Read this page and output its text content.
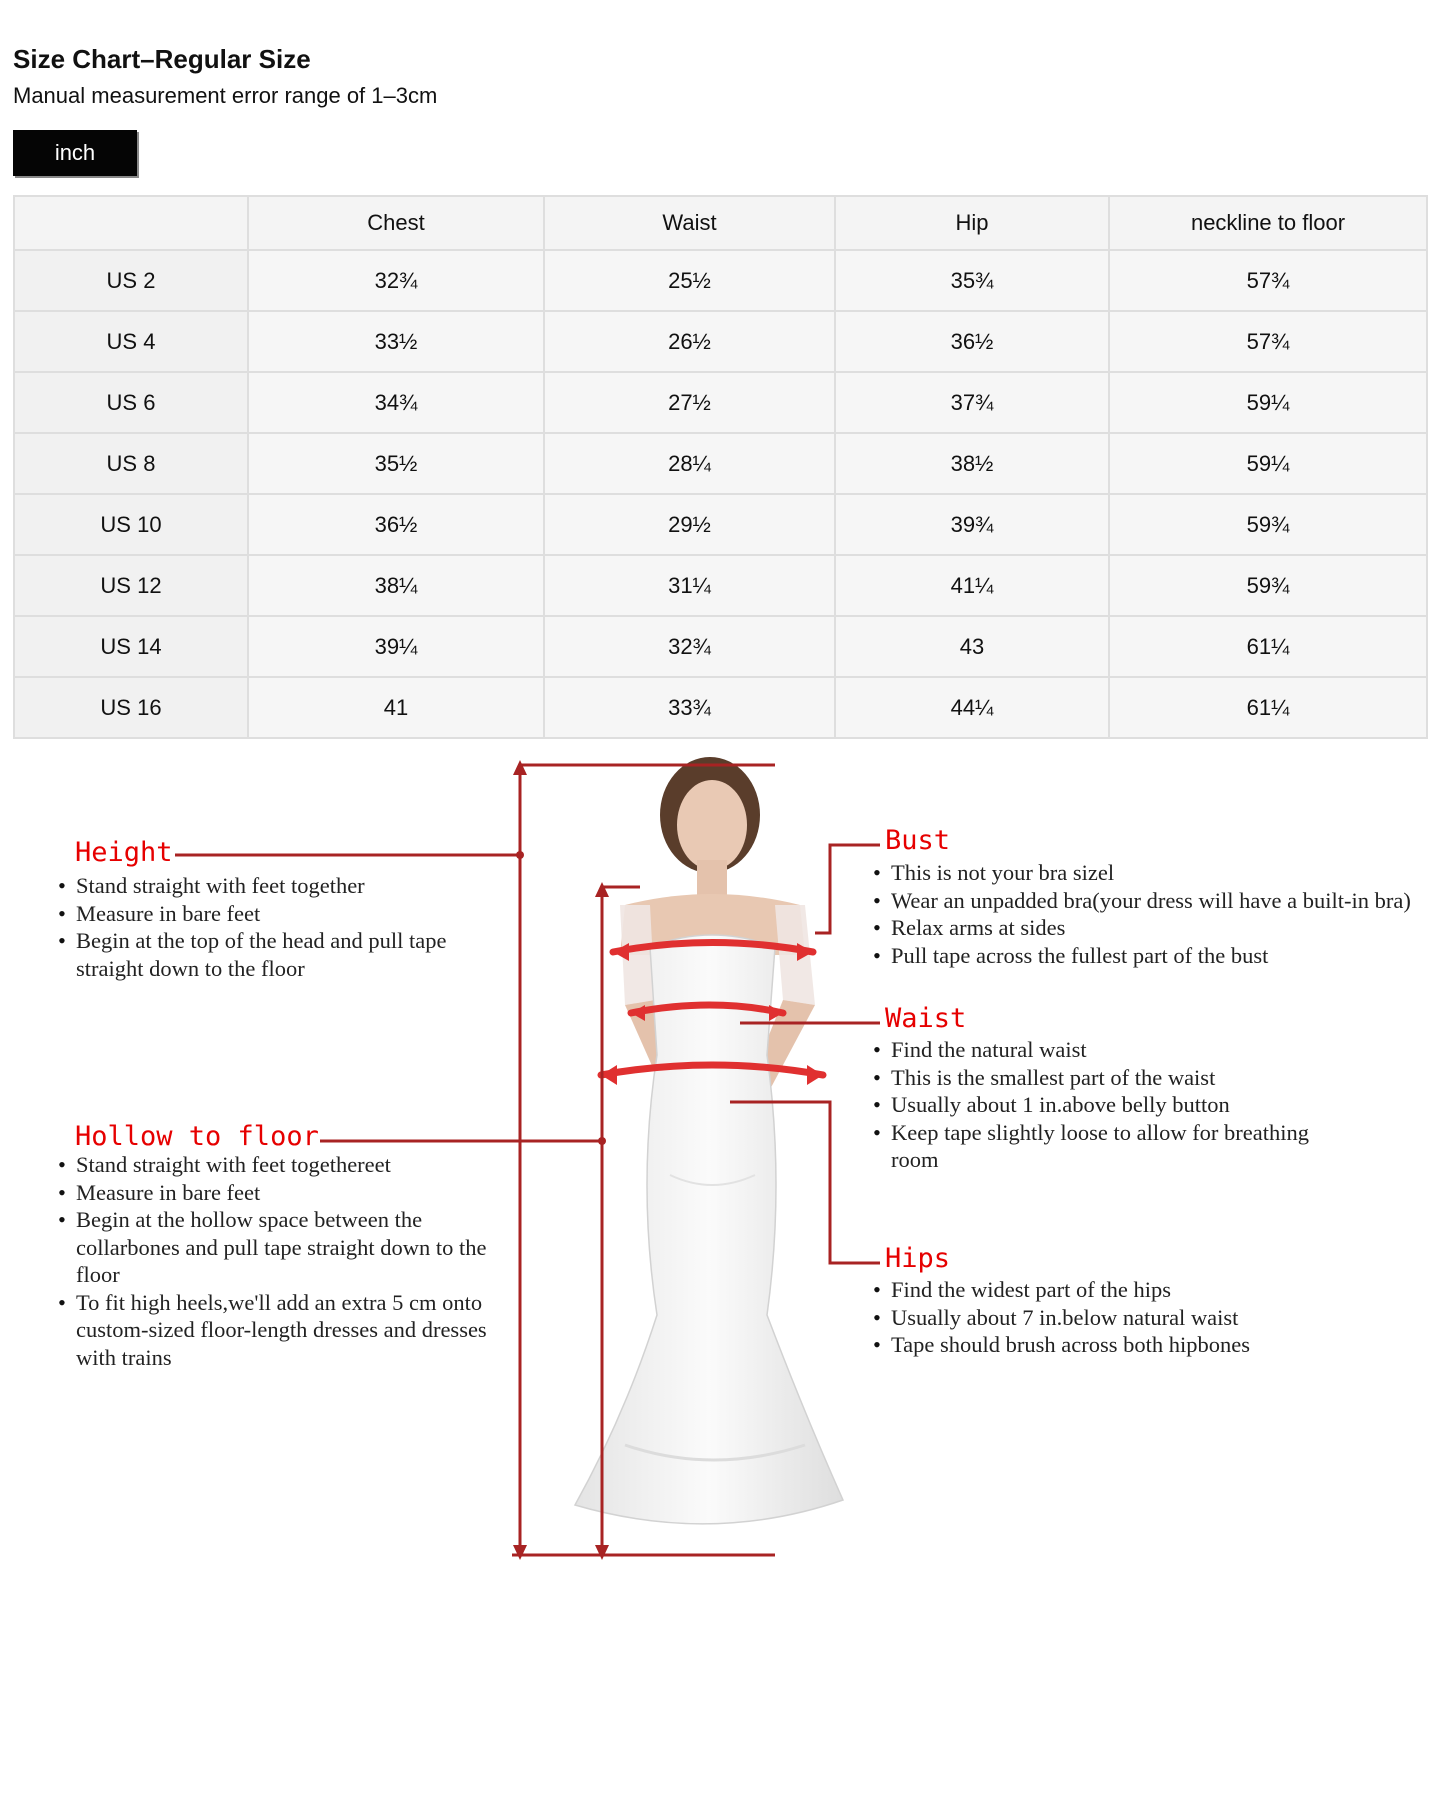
Size Chart–Regular Size
Manual measurement error range of 1–3cm
inch
	Chest	Waist	Hip	neckline to floor
US 2	32¾	25½	35¾	57¾
US 4	33½	26½	36½	57¾
US 6	34¾	27½	37¾	59¼
US 8	35½	28¼	38½	59¼
US 10	36½	29½	39¾	59¾
US 12	38¼	31¼	41¼	59¾
US 14	39¼	32¾	43	61¼
US 16	41	33¾	44¼	61¼
Height
• Stand straight with feet together
• Measure in bare feet
• Begin at the top of the head and pull tape straight down to the floor
Hollow to floor
• Stand straight with feet togethereet
• Measure in bare feet
• Begin at the hollow space between the collarbones and pull tape straight down to the floor
• To fit high heels,we'll add an extra 5 cm onto custom-sized floor-length dresses and dresses with trains
Bust
• This is not your bra sizel
• Wear an unpadded bra(your dress will have a built-in bra)
• Relax arms at sides
• Pull tape across the fullest part of the bust
Waist
• Find the natural waist
• This is the smallest part of the waist
• Usually about 1 in.above belly button
• Keep tape slightly loose to allow for breathing room
Hips
• Find the widest part of the hips
• Usually about 7 in.below natural waist
• Tape should brush across both hipbones
